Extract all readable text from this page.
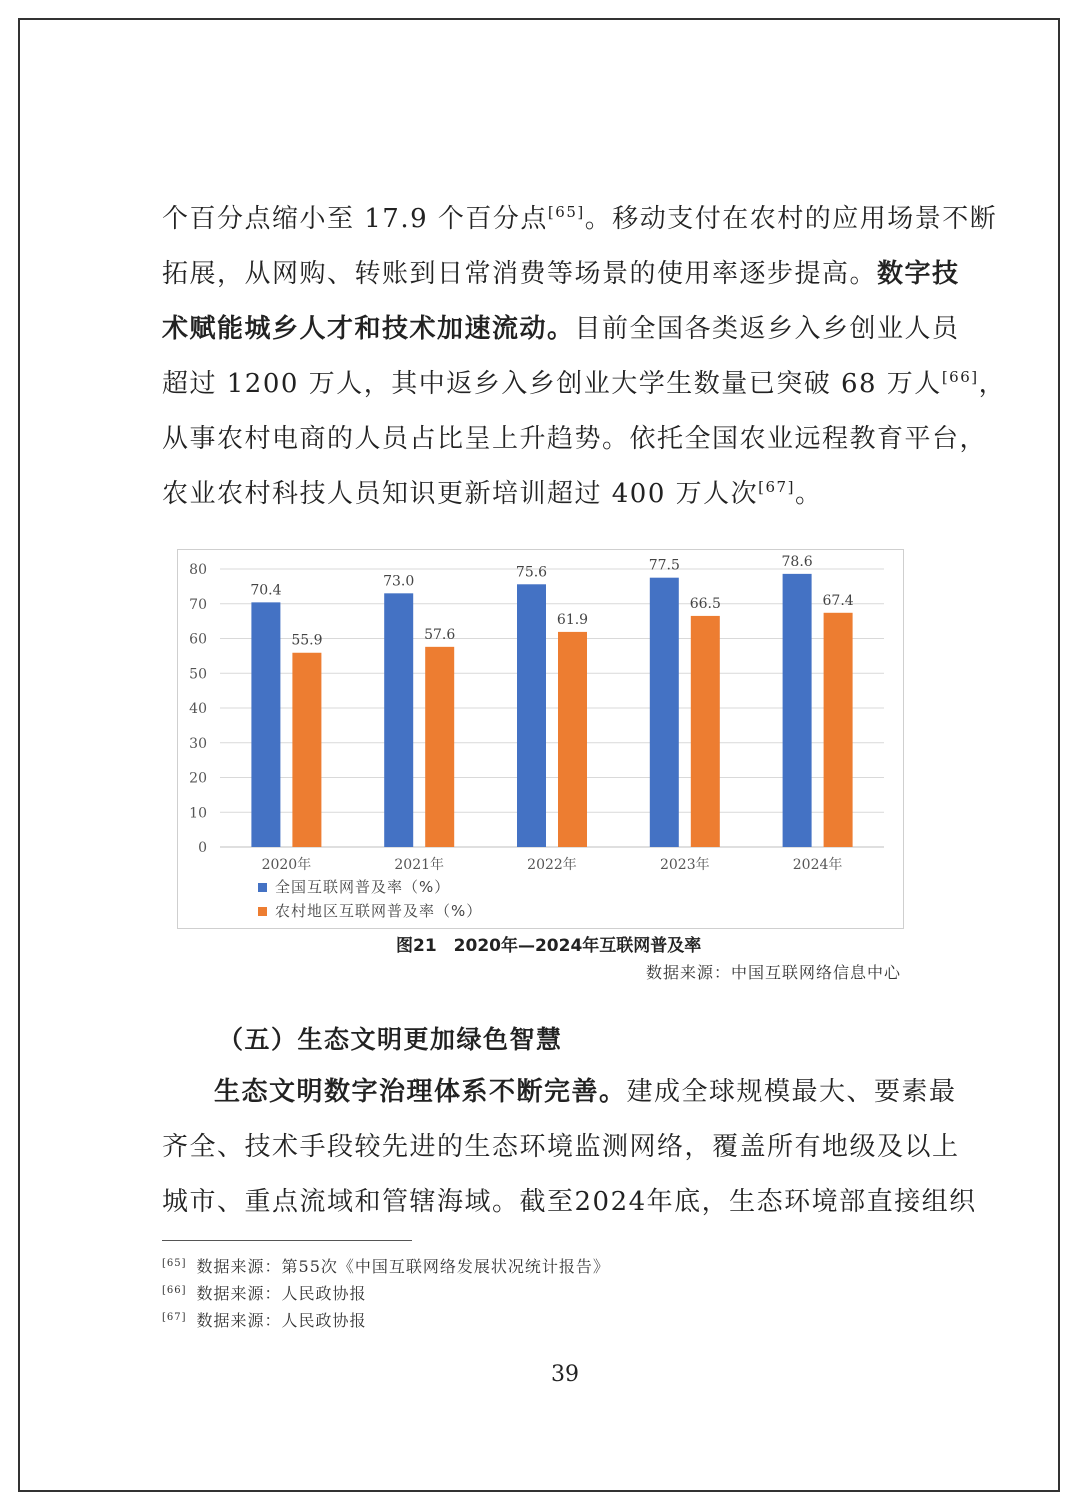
个百分点缩小至 17.9 个百分点[65]。移动支付在农村的应用场景不断
拓展，从网购、转账到日常消费等场景的使用率逐步提高。数字技
术赋能城乡人才和技术加速流动。目前全国各类返乡入乡创业人员
超过 1200 万人，其中返乡入乡创业大学生数量已突破 68 万人[66]，
从事农村电商的人员占比呈上升趋势。依托全国农业远程教育平台，
农业农村科技人员知识更新培训超过 400 万人次[67]。
0
10
20
30
40
50
60
70
80
70.4
55.9
2020年
73.0
57.6
2021年
75.6
61.9
2022年
77.5
66.5
2023年
78.6
67.4
2024年
全国互联网普及率（%）
农村地区互联网普及率（%）
图21　2020年—2024年互联网普及率
数据来源：中国互联网络信息中心
（五）生态文明更加绿色智慧
生态文明数字治理体系不断完善。建成全球规模最大、要素最
齐全、技术手段较先进的生态环境监测网络，覆盖所有地级及以上
城市、重点流域和管辖海域。截至2024年底，生态环境部直接组织
[65] 数据来源：第55次《中国互联网络发展状况统计报告》
[66] 数据来源：人民政协报
[67] 数据来源：人民政协报
39
